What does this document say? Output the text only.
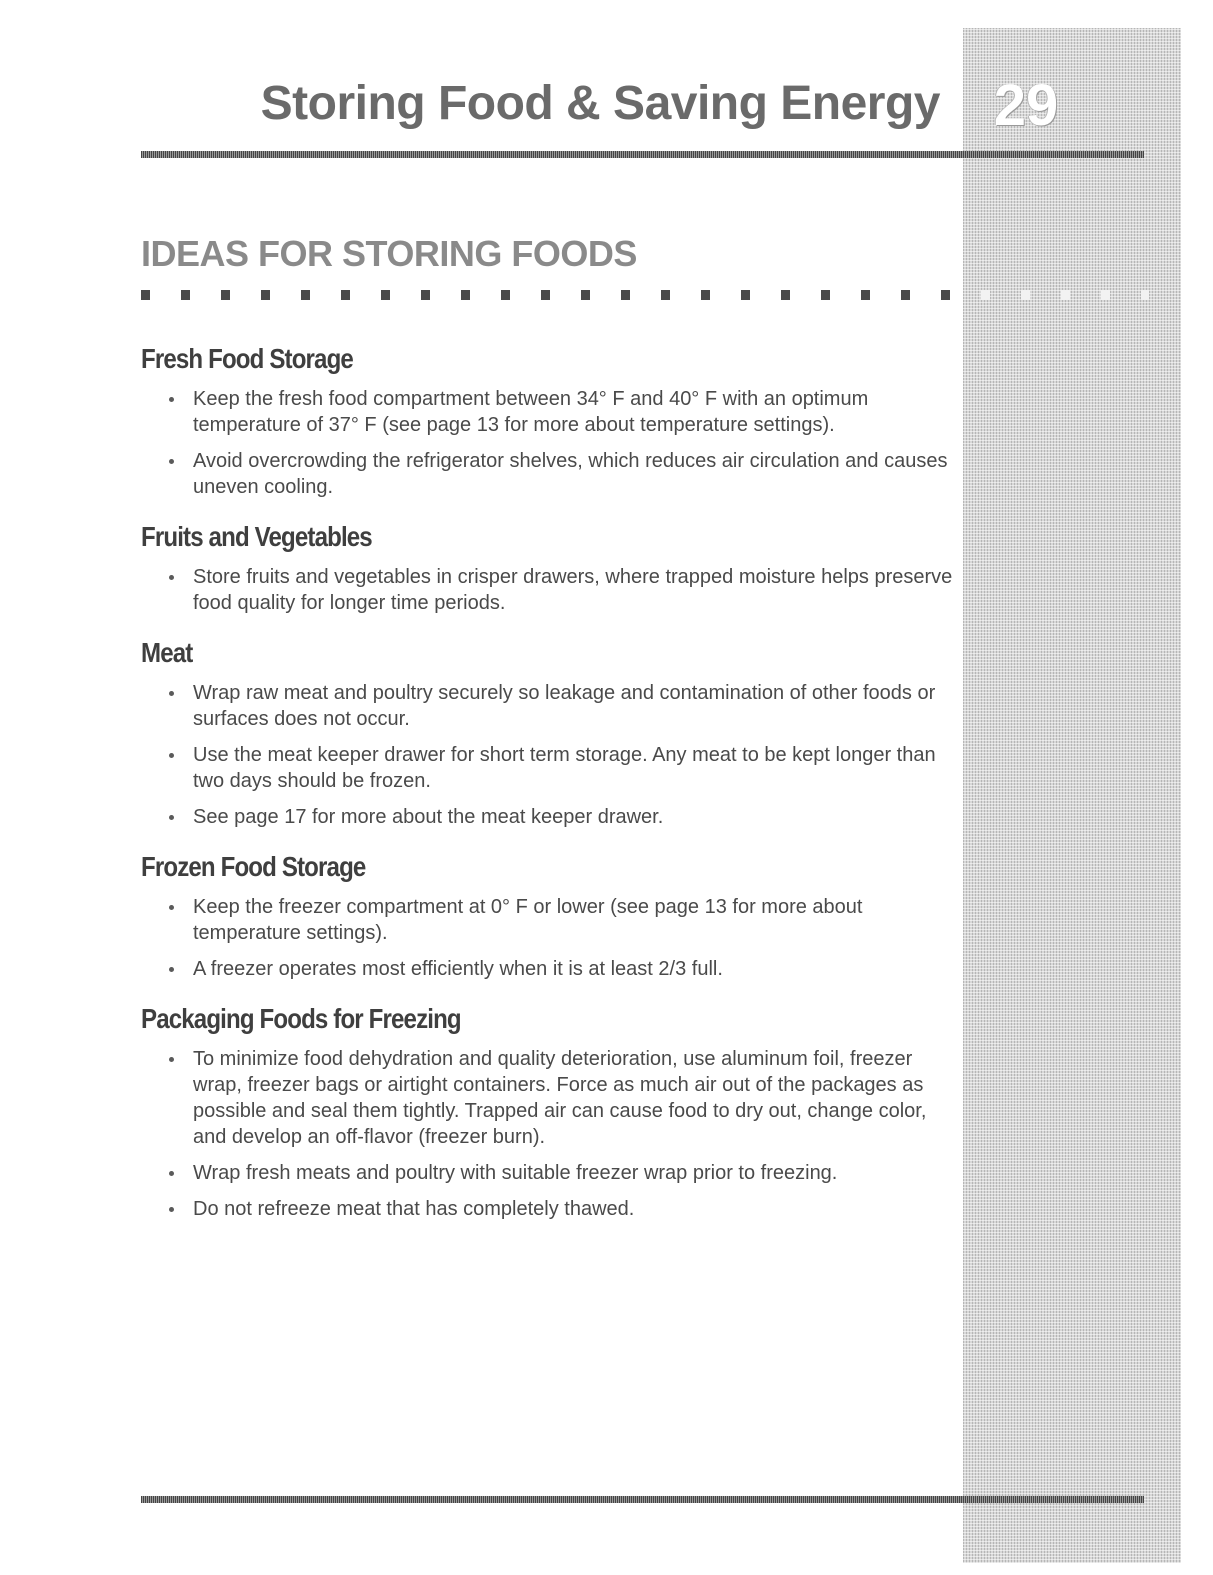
Storing Food & Saving Energy 29
IDEAS FOR STORING FOODS
Fresh Food Storage
Keep the fresh food compartment between 34° F and 40° F with an optimum temperature of 37° F (see page 13 for more about temperature settings).
Avoid overcrowding the refrigerator shelves, which reduces air circulation and causes uneven cooling.
Fruits and Vegetables
Store fruits and vegetables in crisper drawers, where trapped moisture helps preserve food quality for longer time periods.
Meat
Wrap raw meat and poultry securely so leakage and contamination of other foods or surfaces does not occur.
Use the meat keeper drawer for short term storage. Any meat to be kept longer than two days should be frozen.
See page 17 for more about the meat keeper drawer.
Frozen Food Storage
Keep the freezer compartment at 0° F or lower (see page 13 for more about temperature settings).
A freezer operates most efficiently when it is at least 2/3 full.
Packaging Foods for Freezing
To minimize food dehydration and quality deterioration, use aluminum foil, freezer wrap, freezer bags or airtight containers. Force as much air out of the packages as possible and seal them tightly. Trapped air can cause food to dry out, change color, and develop an off-flavor (freezer burn).
Wrap fresh meats and poultry with suitable freezer wrap prior to freezing.
Do not refreeze meat that has completely thawed.
